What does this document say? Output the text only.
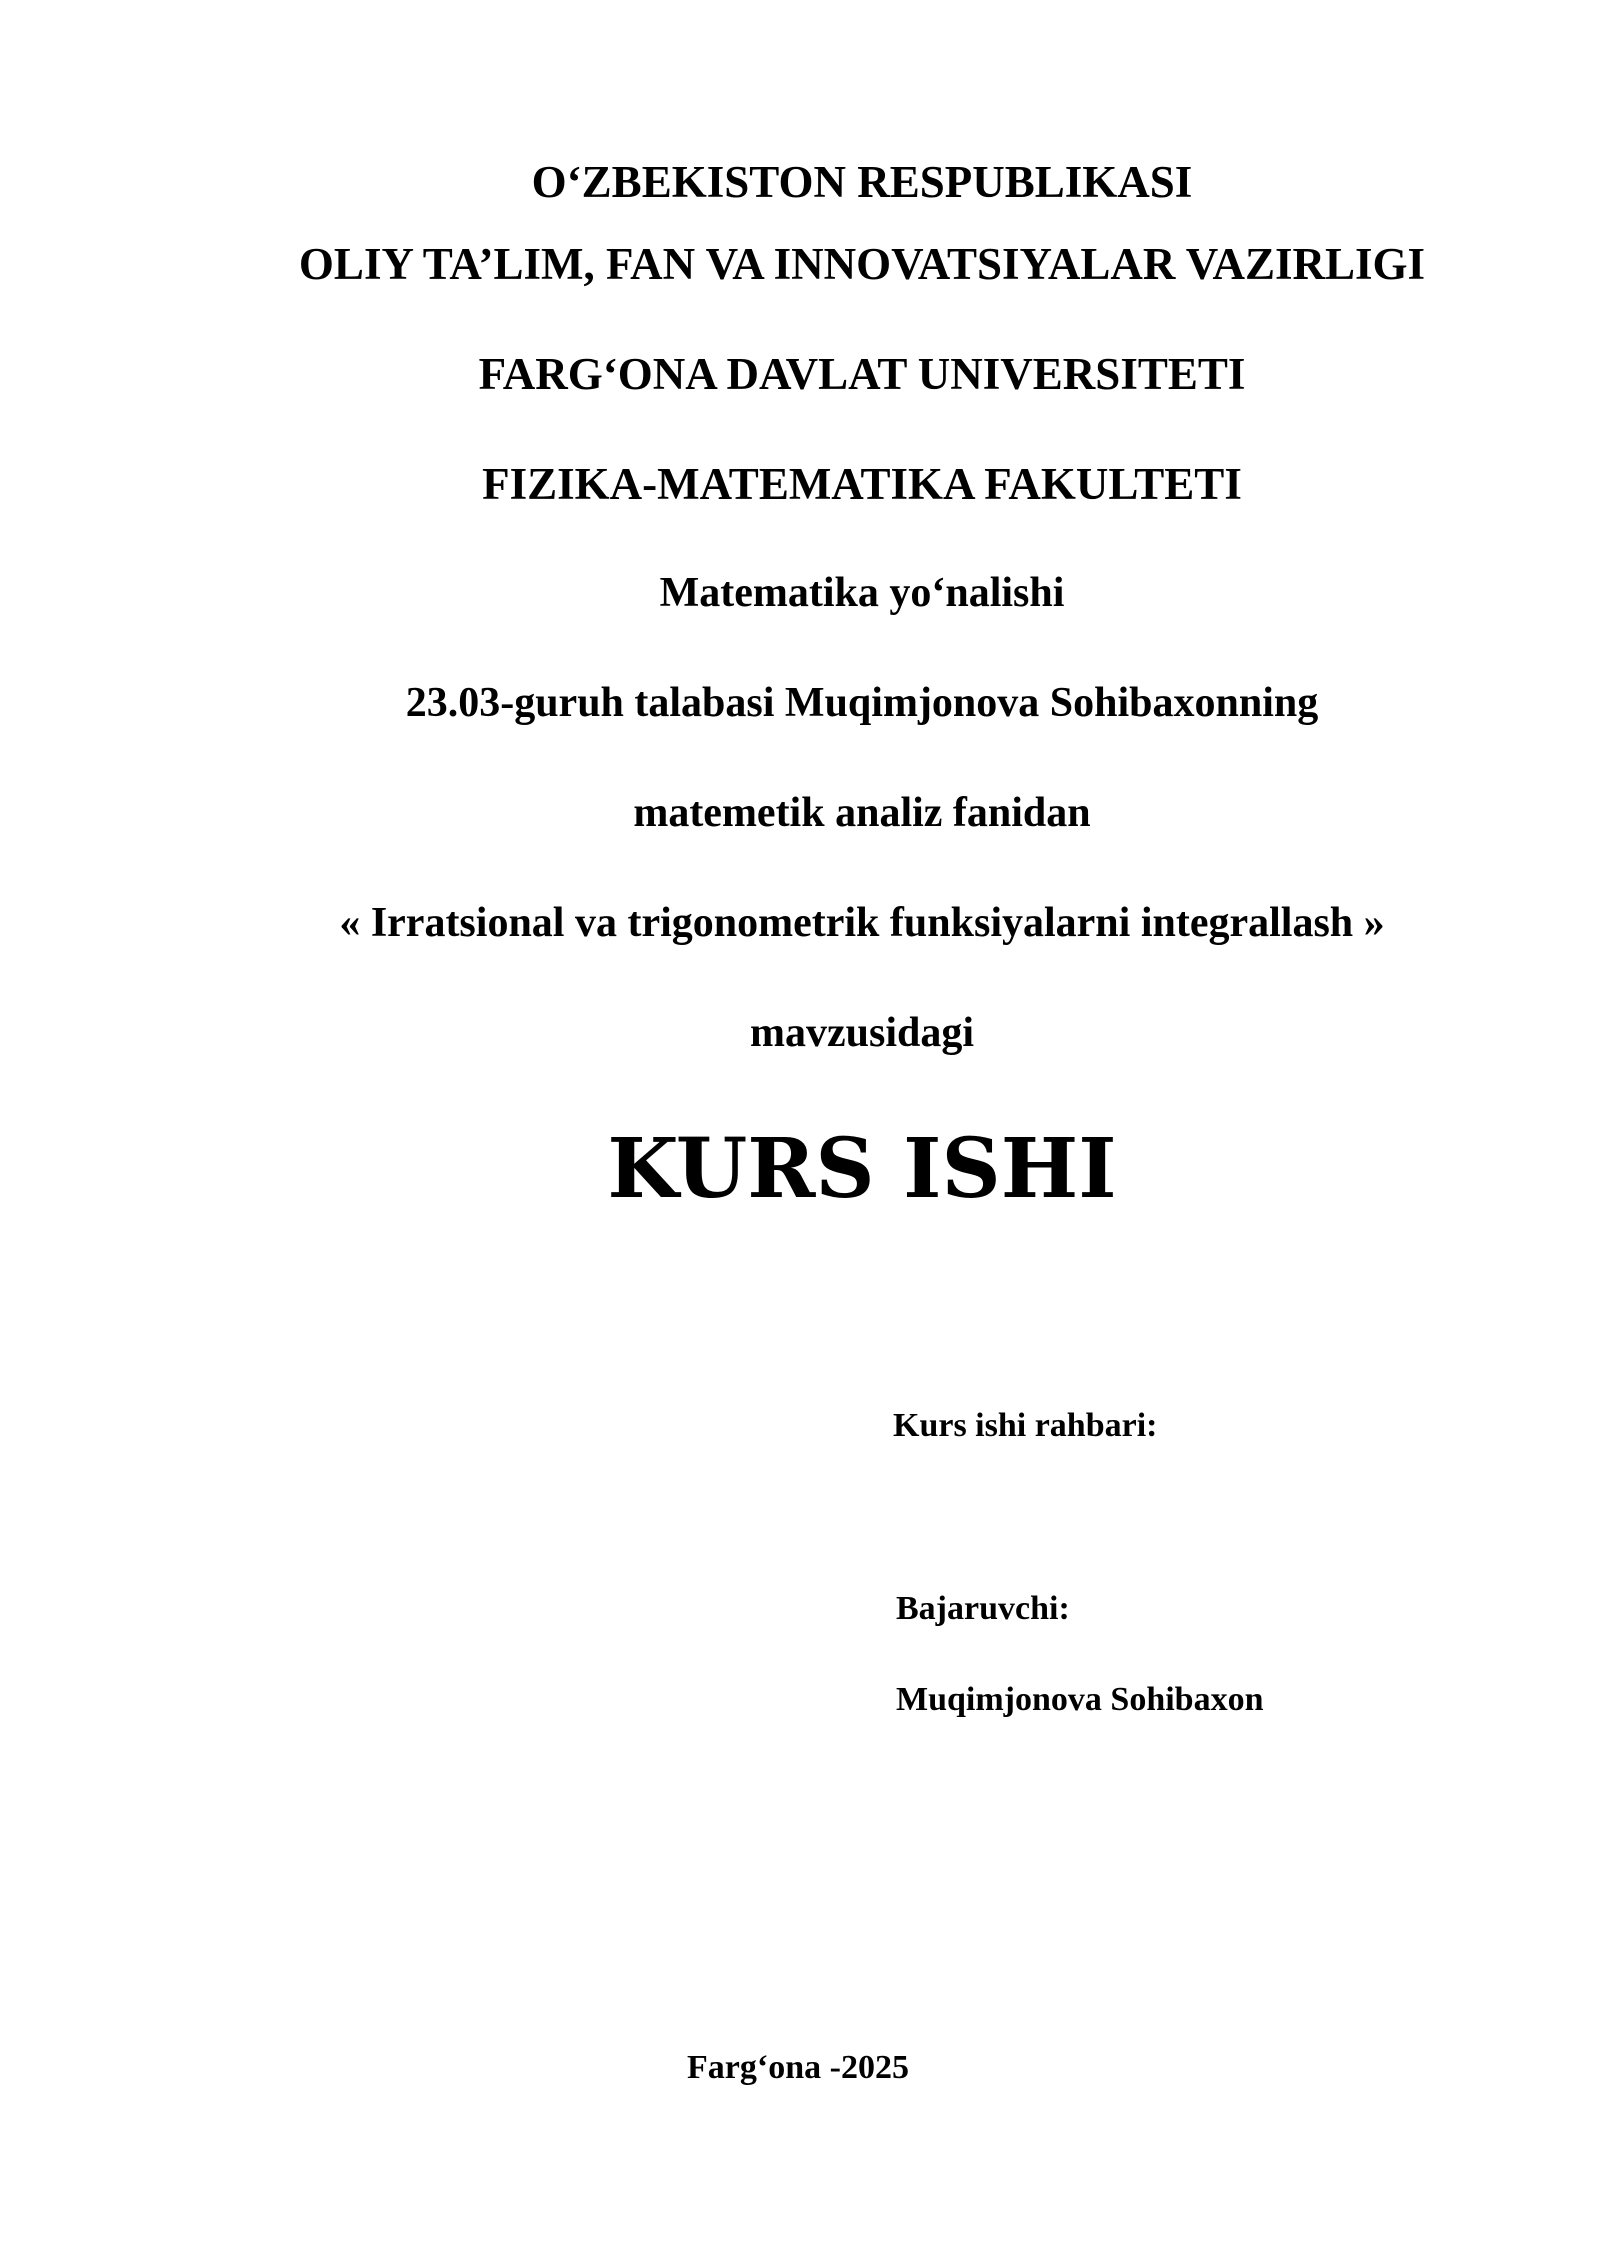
O‘ZBEKISTON RESPUBLIKASI
OLIY TA’LIM, FAN VA INNOVATSIYALAR VAZIRLIGI
FARG‘ONA DAVLAT UNIVERSITETI
FIZIKA-MATEMATIKA FAKULTETI
Matematika yo‘nalishi
23.03-guruh talabasi Muqimjonova Sohibaxonning
matemetik analiz fanidan
« Irratsional va trigonometrik funksiyalarni integrallash »
mavzusidagi
KURS ISHI
Kurs ishi rahbari:
Bajaruvchi:
Muqimjonova Sohibaxon
Farg‘ona -2025
